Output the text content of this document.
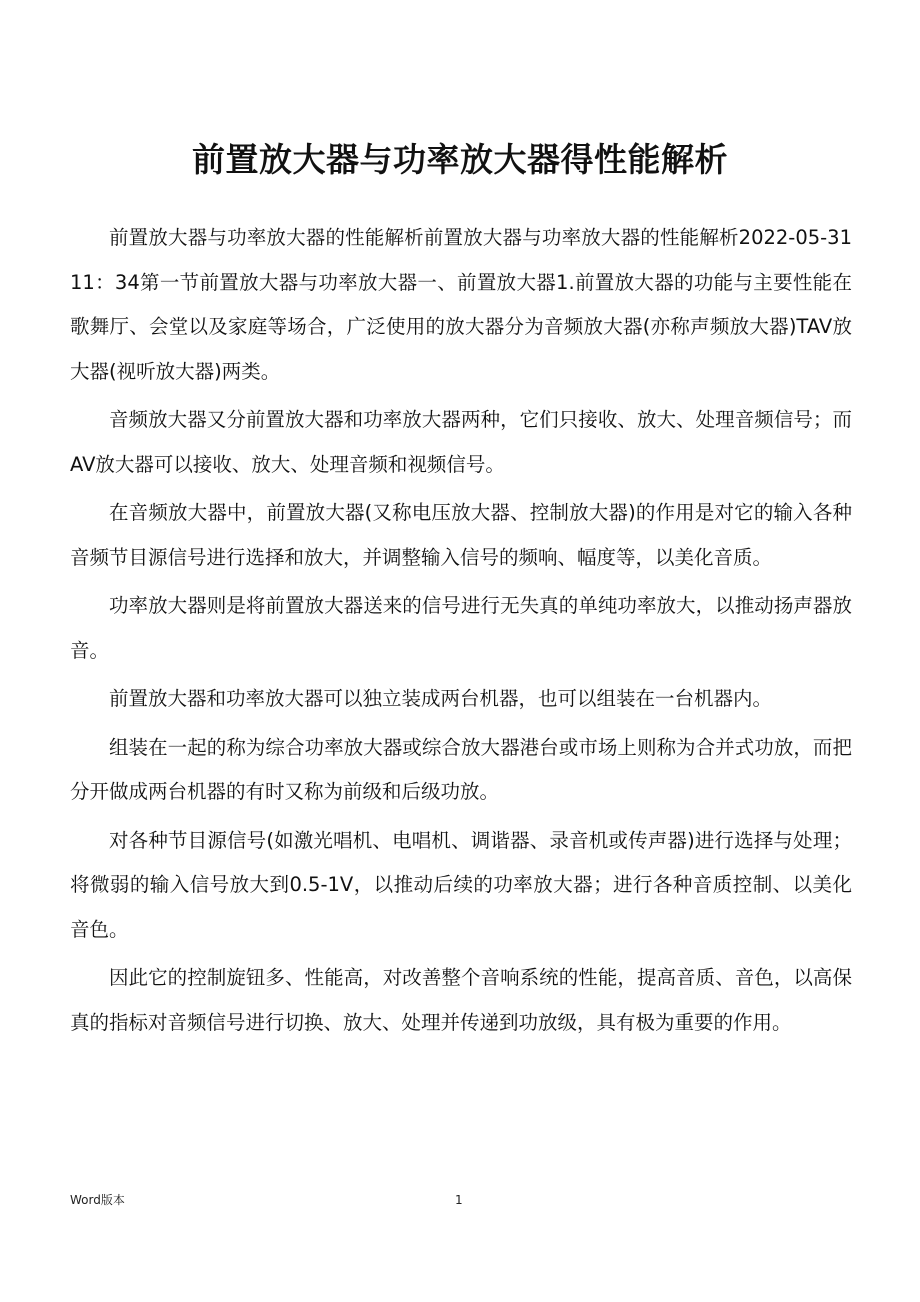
前置放大器与功率放大器得性能解析

前置放大器与功率放大器的性能解析前置放大器与功率放大器的性能解析2022-05-3111：34第一节前置放大器与功率放大器一、前置放大器1.前置放大器的功能与主要性能在歌舞厅、会堂以及家庭等场合，广泛使用的放大器分为音频放大器(亦称声频放大器)TAV放大器(视听放大器)两类。

音频放大器又分前置放大器和功率放大器两种，它们只接收、放大、处理音频信号；而AV放大器可以接收、放大、处理音频和视频信号。

在音频放大器中，前置放大器(又称电压放大器、控制放大器)的作用是对它的输入各种音频节目源信号进行选择和放大，并调整输入信号的频响、幅度等，以美化音质。

功率放大器则是将前置放大器送来的信号进行无失真的单纯功率放大，以推动扬声器放音。

前置放大器和功率放大器可以独立装成两台机器，也可以组装在一台机器内。

组装在一起的称为综合功率放大器或综合放大器港台或市场上则称为合并式功放，而把分开做成两台机器的有时又称为前级和后级功放。

对各种节目源信号(如激光唱机、电唱机、调谐器、录音机或传声器)进行选择与处理；将微弱的输入信号放大到0.5-1V，以推动后续的功率放大器；进行各种音质控制、以美化音色。

因此它的控制旋钮多、性能高，对改善整个音响系统的性能，提高音质、音色，以高保真的指标对音频信号进行切换、放大、处理并传递到功放级，具有极为重要的作用。

Word版本	1
